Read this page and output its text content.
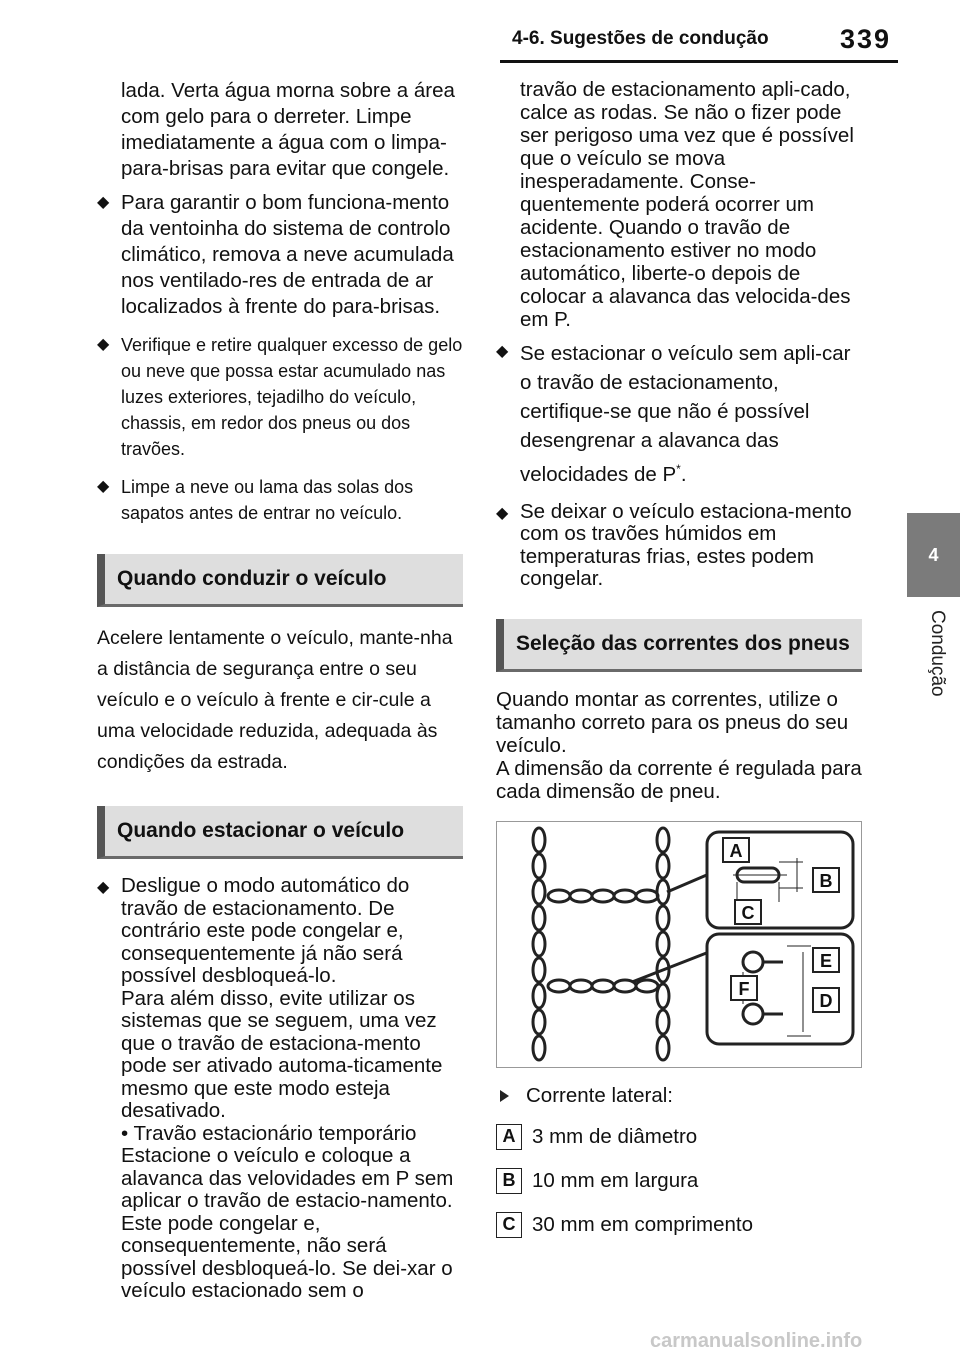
4-6. Sugestões de condução	339
4
Condução

lada. Verta água morna sobre a área com gelo para o derreter. Limpe imediatamente a água com o limpa-para-brisas para evitar que congele.

◆ Para garantir o bom funciona-mento da ventoinha do sistema de controlo climático, remova a neve acumulada nos ventilado-res de entrada de ar localizados à frente do para-brisas.
◆ Verifique e retire qualquer excesso de gelo ou neve que possa estar acumulado nas luzes exteriores, tejadilho do veículo, chassis, em redor dos pneus ou dos travões.
◆ Limpe a neve ou lama das solas dos sapatos antes de entrar no veículo.
Quando conduzir o veículo

Acelere lentamente o veículo, mante-nha a distância de segurança entre o seu veículo e o veículo à frente e cir-cule a uma velocidade reduzida, adequada às condições da estrada.

Quando estacionar o veículo
◆ Desligue o modo automático do travão de estacionamento. De contrário este pode congelar e, consequentemente já não será possível desbloqueá-lo.
Para além disso, evite utilizar os sistemas que se seguem, uma vez que o travão de estaciona-mento pode ser ativado automa-ticamente mesmo que este modo esteja desativado.
• Travão estacionário temporário
Estacione o veículo e coloque a alavanca das velovidades em P sem aplicar o travão de estacio-namento. Este pode congelar e, consequentemente, não será possível desbloqueá-lo. Se dei-xar o veículo estacionado sem o

travão de estacionamento apli-cado, calce as rodas. Se não o fizer pode ser perigoso uma vez que é possível que o veículo se mova inesperadamente. Conse-quentemente poderá ocorrer um acidente. Quando o travão de estacionamento estiver no modo automático, liberte-o depois de colocar a alavanca das velocida-des em P.

◆ Se estacionar o veículo sem apli-car o travão de estacionamento, certifique-se que não é possível desengrenar a alavanca das velocidades de P*.
◆ Se deixar o veículo estaciona-mento com os travões húmidos em temperaturas frias, estes podem congelar.
Seleção das correntes dos pneus

Quando montar as correntes, utilize o tamanho correto para os pneus do seu veículo.

A dimensão da corrente é regulada para cada dimensão de pneu.

A
B
C
E
F
D
Corrente lateral:
A 3 mm de diâmetro
B 10 mm em largura
C 30 mm em comprimento
carmanualsonline.info
